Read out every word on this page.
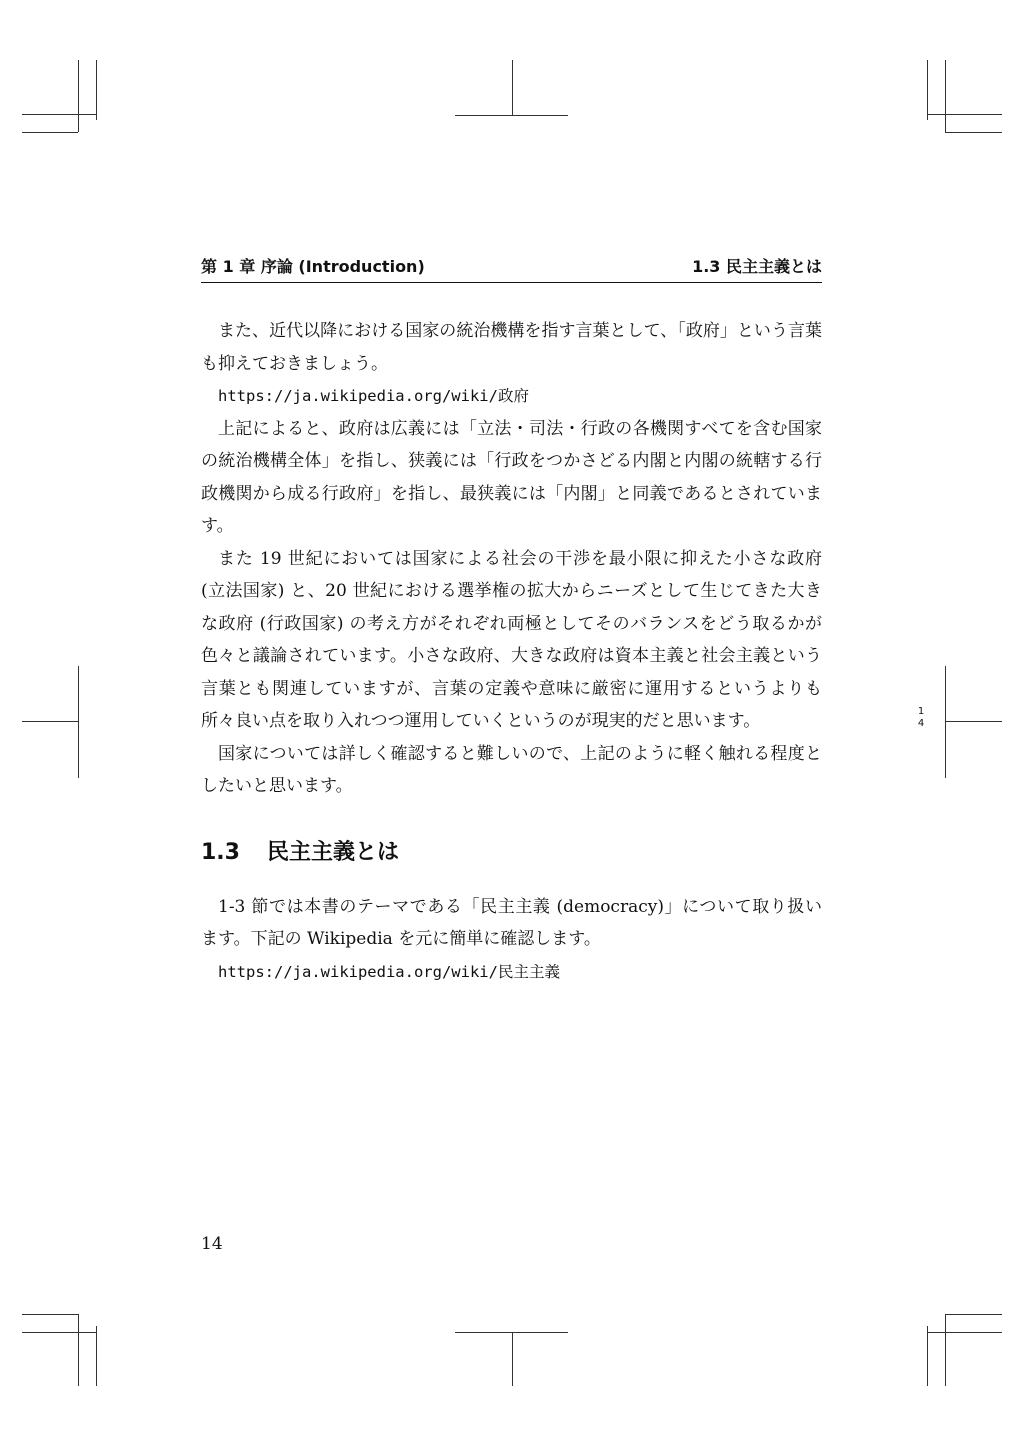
第 1 章 序論 (Introduction)	1.3 民主主義とは

また、近代以降における国家の統治機構を指す言葉として、「政府」という言葉も抑えておきましょう。

https://ja.wikipedia.org/wiki/政府

上記によると、政府は広義には「立法・司法・行政の各機関すべてを含む国家の統治機構全体」を指し、狭義には「行政をつかさどる内閣と内閣の統轄する行政機関から成る行政府」を指し、最狭義には「内閣」と同義であるとされています。

また 19 世紀においては国家による社会の干渉を最小限に抑えた小さな政府 (立法国家) と、20 世紀における選挙権の拡大からニーズとして生じてきた大きな政府 (行政国家) の考え方がそれぞれ両極としてそのバランスをどう取るかが色々と議論されています。小さな政府、大きな政府は資本主義と社会主義という言葉とも関連していますが、言葉の定義や意味に厳密に運用するというよりも所々良い点を取り入れつつ運用していくというのが現実的だと思います。

国家については詳しく確認すると難しいので、上記のように軽く触れる程度としたいと思います。

1.3 民主主義とは

1-3 節では本書のテーマである「民主主義 (democracy)」について取り扱います。下記の Wikipedia を元に簡単に確認します。

https://ja.wikipedia.org/wiki/民主主義

1
4
14
